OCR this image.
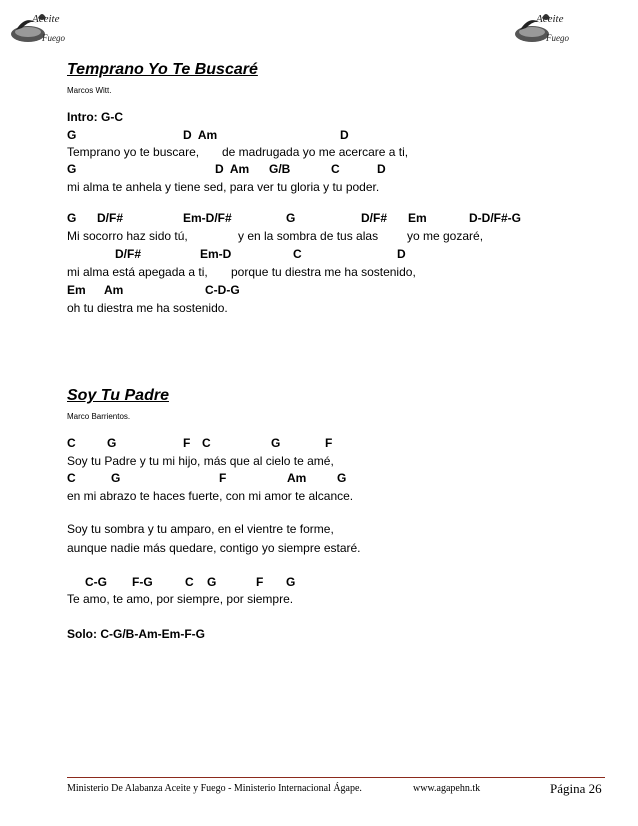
Aceite
Fuego
Aceite
Fuego
Temprano Yo Te Buscaré
Marcos Witt.

Intro: G-C

G

	D  Am

	D

Temprano yo te buscare,

de madrugada yo me acercare a ti,

G

	D  Am

G/B

	C

	D

mi alma te anhela y tiene sed, para ver tu gloria y tu poder.

G

D/F#

	Em-D/F#

	G

	D/F#

Em

	D-D/F#-G

Mi socorro haz sido tú,

	y en la sombra de tus alas

yo me gozaré,

D/F#

	Em-D

	C

	D

mi alma está apegada a ti,

porque tu diestra me ha sostenido,

Em

Am

	C-D-G

oh tu diestra me ha sostenido.

Soy Tu Padre
Marco Barrientos.

C

	G

	F

C

	G

	F

Soy tu Padre y tu mi hijo, más que al cielo te amé,

C

	G

	F

	Am

	G

en mi abrazo te haces fuerte, con mi amor te alcance.

Soy tu sombra y tu amparo, en el vientre te forme,

aunque nadie más quedare, contigo yo siempre estaré.

C-G

F-G

	C

G

	F

G

Te amo, te amo, por siempre, por siempre.

Solo: C-G/B-Am-Em-F-G

Ministerio De Alabanza Aceite y Fuego - Ministerio Internacional Ágape.	www.agapehn.tk	Página 26
